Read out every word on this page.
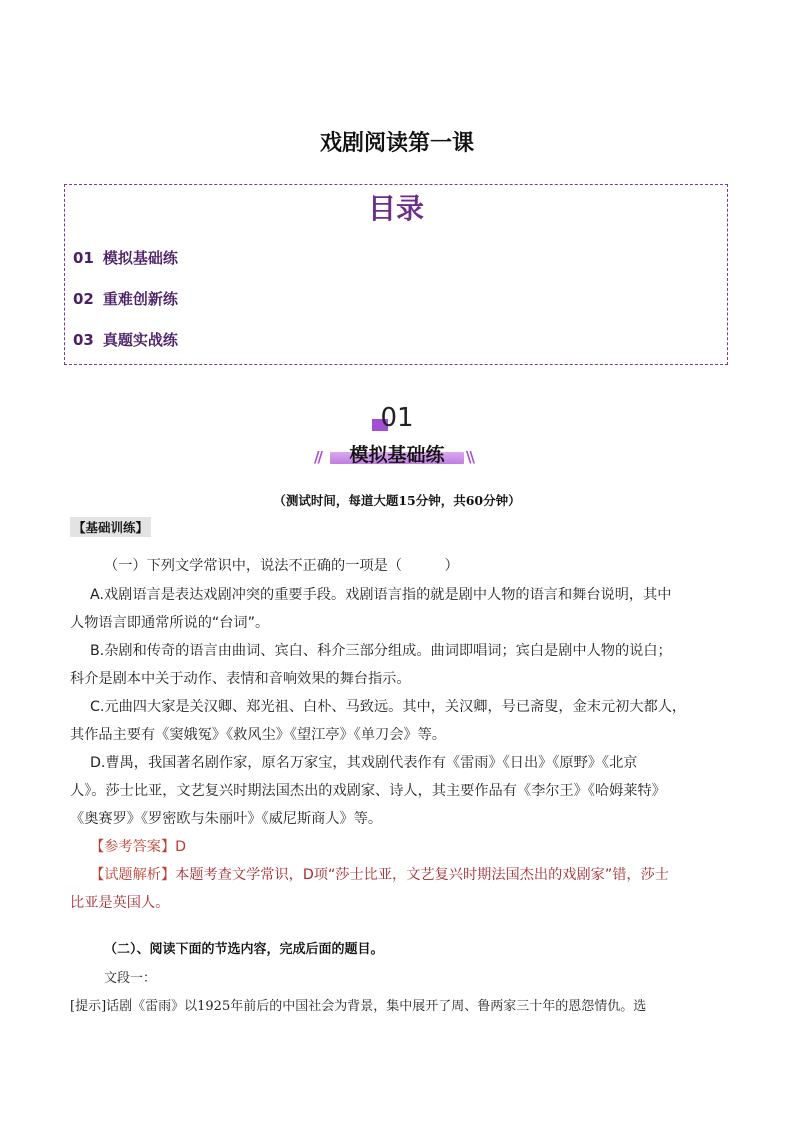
戏剧阅读第一课
目录
01 模拟基础练
02 重难创新练
03 真题实战练
01
//	\\
模拟基础练
（测试时间，每道大题15分钟，共60分钟）
【基础训练】
（一）下列文学常识中，说法不正确的一项是（　　　）
A.戏剧语言是表达戏剧冲突的重要手段。戏剧语言指的就是剧中人物的语言和舞台说明，其中
人物语言即通常所说的“台词”。
B.杂剧和传奇的语言由曲词、宾白、科介三部分组成。曲词即唱词；宾白是剧中人物的说白；
科介是剧本中关于动作、表情和音响效果的舞台指示。
C.元曲四大家是关汉卿、郑光祖、白朴、马致远。其中，关汉卿，号已斋叟，金末元初大都人，
其作品主要有《窦娥冤》《救风尘》《望江亭》《单刀会》等。
D.曹禺，我国著名剧作家，原名万家宝，其戏剧代表作有《雷雨》《日出》《原野》《北京
人》。莎士比亚，文艺复兴时期法国杰出的戏剧家、诗人，其主要作品有《李尔王》《哈姆莱特》
《奥赛罗》《罗密欧与朱丽叶》《威尼斯商人》等。
【参考答案】D
【试题解析】本题考查文学常识，D项“莎士比亚，文艺复兴时期法国杰出的戏剧家”错，莎士
比亚是英国人。
（二）、阅读下面的节选内容，完成后面的题目。
文段一：
[提示]话剧《雷雨》以1925年前后的中国社会为背景，集中展开了周、鲁两家三十年的恩怨情仇。选
